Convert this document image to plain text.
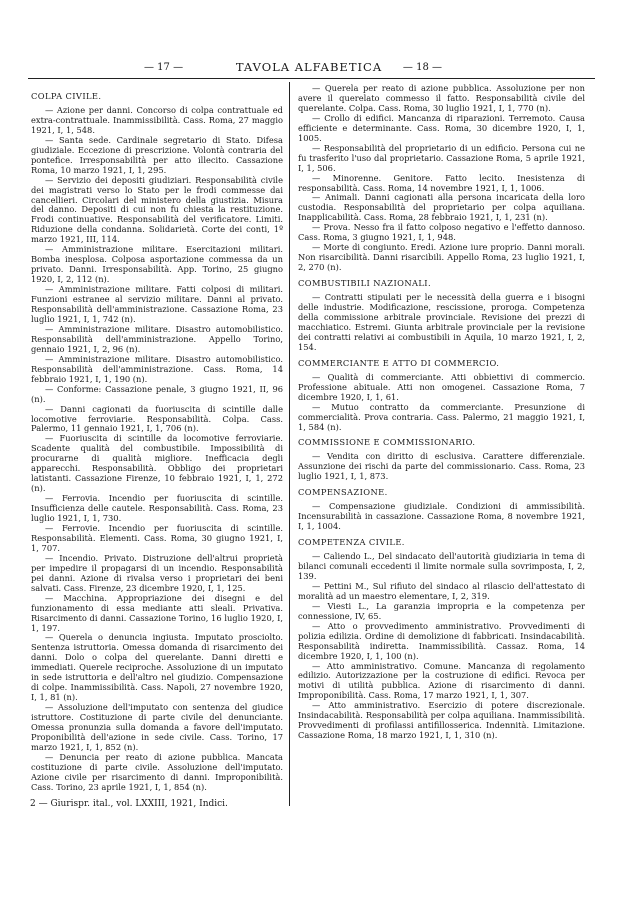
— 17 —	TAVOLA ALFABETICA	— 18 —
COLPA CIVILE.

— Azione per danni. Concorso di colpa contrattuale ed extra-contrattuale. Inammissibilità. Cass. Roma, 27 maggio 1921, I, 1, 548.

— Santa sede. Cardinale segretario di Stato. Difesa giudiziale. Eccezione di prescrizione. Volontà contraria del pontefice. Irresponsabilità per atto illecito. Cassazione Roma, 10 marzo 1921, I, 1, 295.

— Servizio dei depositi giudiziari. Responsabilità civile dei magistrati verso lo Stato per le frodi commesse dai cancellieri. Circolari del ministero della giustizia. Misura del danno. Depositi di cui non fu chiesta la restituzione. Frodi continuative. Responsabilità del verificatore. Limiti. Riduzione della condanna. Solidarietà. Corte dei conti, 1º marzo 1921, III, 114.

— Amministrazione militare. Esercitazioni militari. Bomba inesplosa. Colposa asportazione commessa da un privato. Danni. Irresponsabilità. App. Torino, 25 giugno 1920, I, 2, 112 (n).

— Amministrazione militare. Fatti colposi di militari. Funzioni estranee al servizio militare. Danni al privato. Responsabilità dell'amministrazione. Cassazione Roma, 23 luglio 1921, I, 1, 742 (n).

— Amministrazione militare. Disastro automobilistico. Responsabilità dell'amministrazione. Appello Torino, gennaio 1921, I, 2, 96 (n).

— Amministrazione militare. Disastro automobilistico. Responsabilità dell'amministrazione. Cass. Roma, 14 febbraio 1921, I, 1, 190 (n).

— Conforme: Cassazione penale, 3 giugno 1921, II, 96 (n).

— Danni cagionati da fuoriuscita di scintille dalle locomotive ferroviarie. Responsabilità. Colpa. Cass. Palermo, 11 gennaio 1921, I, 1, 706 (n).

— Fuoriuscita di scintille da locomotive ferroviarie. Scadente qualità del combustibile. Impossibilità di procurarne di qualità migliore. Inefficacia degli apparecchi. Responsabilità. Obbligo dei proprietari latistanti. Cassazione Firenze, 10 febbraio 1921, I, 1, 272 (n).

— Ferrovia. Incendio per fuoriuscita di scintille. Insufficienza delle cautele. Responsabilità. Cass. Roma, 23 luglio 1921, I, 1, 730.

— Ferrovie. Incendio per fuoriuscita di scintille. Responsabilità. Elementi. Cass. Roma, 30 giugno 1921, I, 1, 707.

— Incendio. Privato. Distruzione dell'altrui proprietà per impedire il propagarsi di un incendio. Responsabilità pei danni. Azione di rivalsa verso i proprietari dei beni salvati. Cass. Firenze, 23 dicembre 1920, I, 1, 125.

— Macchina. Appropriazione dei disegni e del funzionamento di essa mediante atti sleali. Privativa. Risarcimento di danni. Cassazione Torino, 16 luglio 1920, I, 1, 197.

— Querela o denuncia ingiusta. Imputato prosciolto. Sentenza istruttoria. Omessa domanda di risarcimento dei danni. Dolo o colpa del querelante. Danni diretti e immediati. Querele reciproche. Assoluzione di un imputato in sede istruttoria e dell'altro nel giudizio. Compensazione di colpe. Inammissibilità. Cass. Napoli, 27 novembre 1920, I, 1, 81 (n).

— Assoluzione dell'imputato con sentenza del giudice istruttore. Costituzione di parte civile del denunciante. Omessa pronunzia sulla domanda a favore dell'imputato. Proponibilità dell'azione in sede civile. Cass. Torino, 17 marzo 1921, I, 1, 852 (n).

— Denuncia per reato di azione pubblica. Mancata costituzione di parte civile. Assoluzione dell'imputato. Azione civile per risarcimento di danni. Improponibilità. Cass. Torino, 23 aprile 1921, I, 1, 854 (n).

— Querela per reato di azione pubblica. Assoluzione per non avere il querelato commesso il fatto. Responsabilità civile del querelante. Colpa. Cass. Roma, 30 luglio 1921, I, 1, 770 (n).

— Crollo di edifici. Mancanza di riparazioni. Terremoto. Causa efficiente e determinante. Cass. Roma, 30 dicembre 1920, I, 1, 1005.

— Responsabilità del proprietario di un edificio. Persona cui ne fu trasferito l'uso dal proprietario. Cassazione Roma, 5 aprile 1921, I, 1, 506.

— Minorenne. Genitore. Fatto lecito. Inesistenza di responsabilità. Cass. Roma, 14 novembre 1921, I, 1, 1006.

— Animali. Danni cagionati alla persona incaricata della loro custodia. Responsabilità del proprietario per colpa aquiliana. Inapplicabilità. Cass. Roma, 28 febbraio 1921, I, 1, 231 (n).

— Prova. Nesso fra il fatto colposo negativo e l'effetto dannoso. Cass. Roma, 3 giugno 1921, I, 1, 948.

— Morte di congiunto. Eredi. Azione iure proprio. Danni morali. Non risarcibilità. Danni risarcibili. Appello Roma, 23 luglio 1921, I, 2, 270 (n).

COMBUSTIBILI NAZIONALI.

— Contratti stipulati per le necessità della guerra e i bisogni delle industrie. Modificazione, rescissione, proroga. Competenza della commissione arbitrale provinciale. Revisione dei prezzi di macchiatico. Estremi. Giunta arbitrale provinciale per la revisione dei contratti relativi ai combustibili in Aquila, 10 marzo 1921, I, 2, 154.

COMMERCIANTE E ATTO DI COMMERCIO.

— Qualità di commerciante. Atti obbiettivi di commercio. Professione abituale. Atti non omogenei. Cassazione Roma, 7 dicembre 1920, I, 1, 61.

— Mutuo contratto da commerciante. Presunzione di commercialità. Prova contraria. Cass. Palermo, 21 maggio 1921, I, 1, 584 (n).

COMMISSIONE E COMMISSIONARIO.

— Vendita con diritto di esclusiva. Carattere differenziale. Assunzione dei rischi da parte del commissionario. Cass. Roma, 23 luglio 1921, I, 1, 873.

COMPENSAZIONE.

— Compensazione giudiziale. Condizioni di ammissibilità. Incensurabilità in cassazione. Cassazione Roma, 8 novembre 1921, I, 1, 1004.

COMPETENZA CIVILE.

— Caliendo L., Del sindacato dell'autorità giudiziaria in tema di bilanci comunali eccedenti il limite normale sulla sovrimposta, I, 2, 139.

— Pettini M., Sul rifiuto del sindaco al rilascio dell'attestato di moralità ad un maestro elementare, I, 2, 319.

— Viesti L., La garanzia impropria e la competenza per connessione, IV, 65.

— Atto o provvedimento amministrativo. Provvedimenti di polizia edilizia. Ordine di demolizione di fabbricati. Insindacabilità. Responsabilità indiretta. Inammissibilità. Cassaz. Roma, 14 dicembre 1920, I, 1, 100 (n).

— Atto amministrativo. Comune. Mancanza di regolamento edilizio. Autorizzazione per la costruzione di edifici. Revoca per motivi di utilità pubblica. Azione di risarcimento di danni. Improponibilità. Cass. Roma, 17 marzo 1921, I, 1, 307.

— Atto amministrativo. Esercizio di potere discrezionale. Insindacabilità. Responsabilità per colpa aquiliana. Inammissibilità. Provvedimenti di profilassi antifillosserica. Indennità. Limitazione. Cassazione Roma, 18 marzo 1921, I, 1, 310 (n).

2 — Giurispr. ital., vol. LXXIII, 1921, Indici.
